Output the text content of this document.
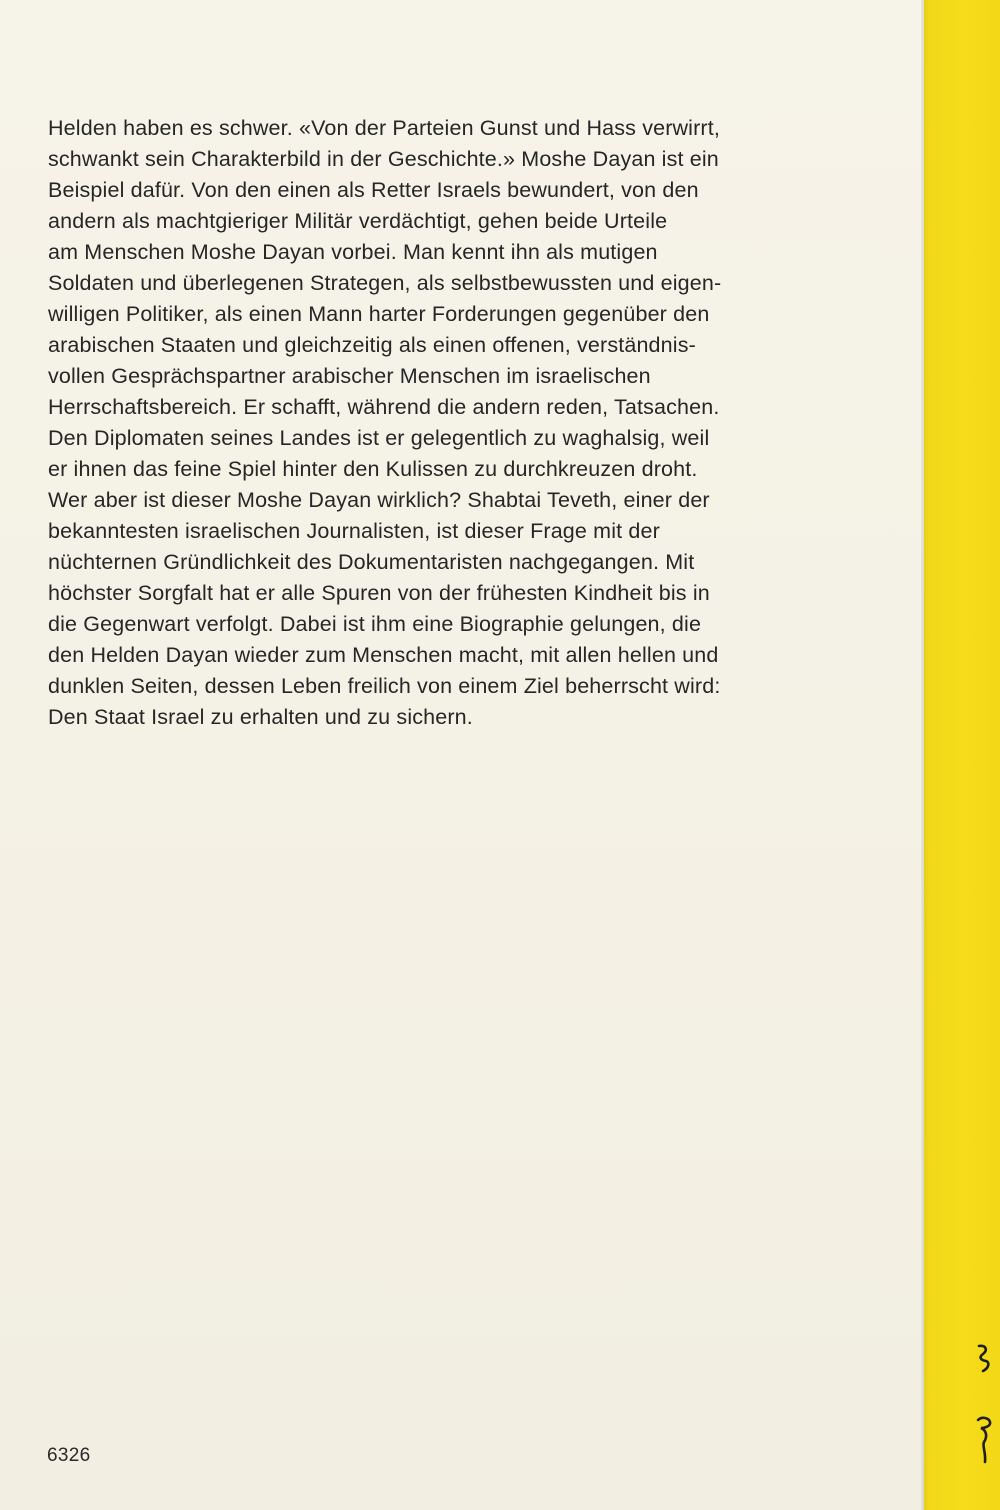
Helden haben es schwer. «Von der Parteien Gunst und Hass verwirrt,
schwankt sein Charakterbild in der Geschichte.» Moshe Dayan ist ein
Beispiel dafür. Von den einen als Retter Israels bewundert, von den
andern als machtgieriger Militär verdächtigt, gehen beide Urteile
am Menschen Moshe Dayan vorbei. Man kennt ihn als mutigen
Soldaten und überlegenen Strategen, als selbstbewussten und eigen-
willigen Politiker, als einen Mann harter Forderungen gegenüber den
arabischen Staaten und gleichzeitig als einen offenen, verständnis-
vollen Gesprächspartner arabischer Menschen im israelischen
Herrschaftsbereich. Er schafft, während die andern reden, Tatsachen.
Den Diplomaten seines Landes ist er gelegentlich zu waghalsig, weil
er ihnen das feine Spiel hinter den Kulissen zu durchkreuzen droht.
Wer aber ist dieser Moshe Dayan wirklich? Shabtai Teveth, einer der
bekanntesten israelischen Journalisten, ist dieser Frage mit der
nüchternen Gründlichkeit des Dokumentaristen nachgegangen. Mit
höchster Sorgfalt hat er alle Spuren von der frühesten Kindheit bis in
die Gegenwart verfolgt. Dabei ist ihm eine Biographie gelungen, die
den Helden Dayan wieder zum Menschen macht, mit allen hellen und
dunklen Seiten, dessen Leben freilich von einem Ziel beherrscht wird:
Den Staat Israel zu erhalten und zu sichern.
6326
